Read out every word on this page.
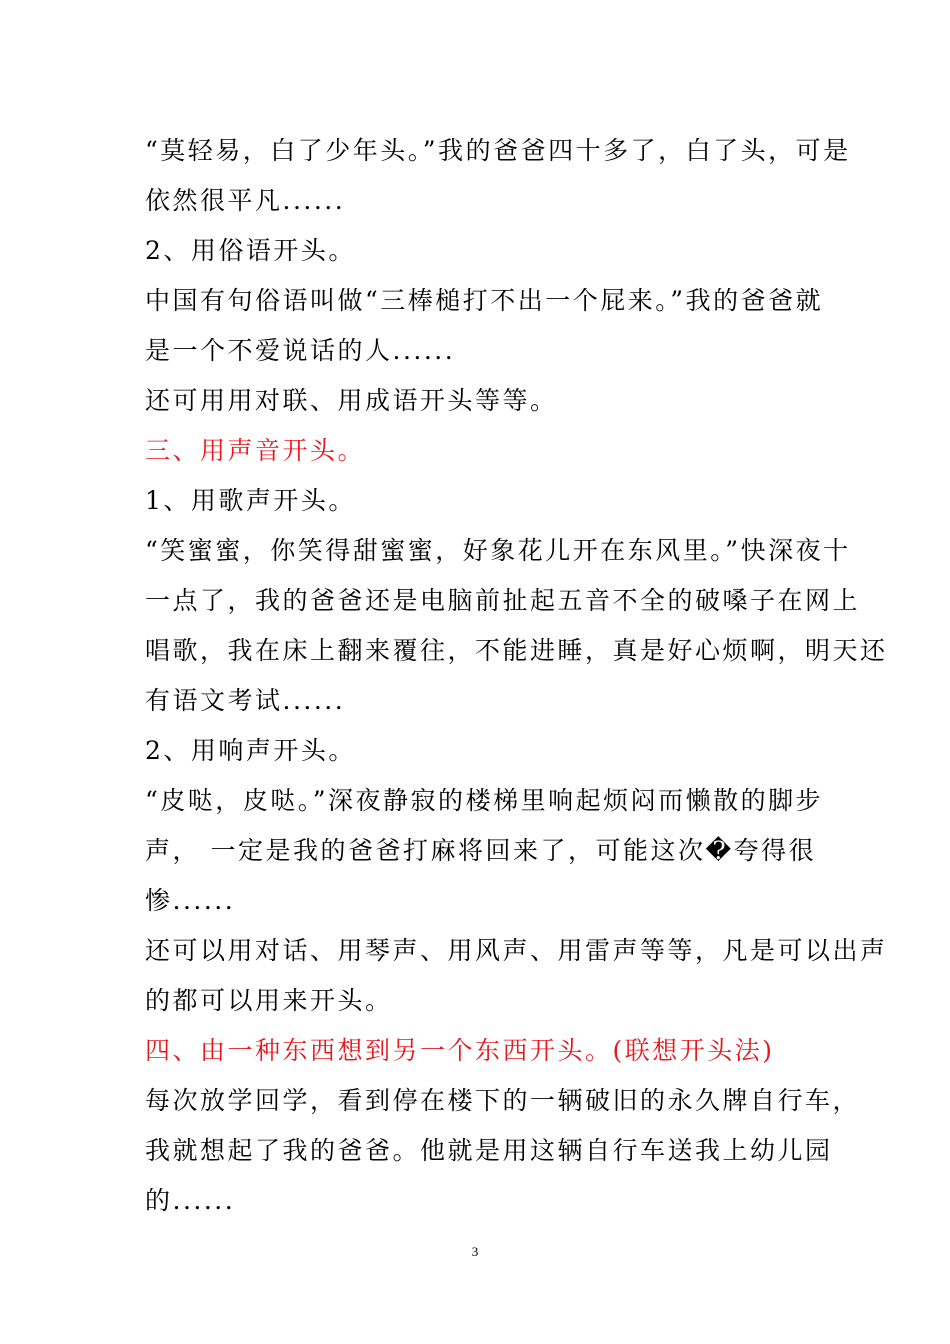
“莫轻易，白了少年头。”我的爸爸四十多了，白了头，可是

依然很平凡......

2、用俗语开头。

中国有句俗语叫做“三棒槌打不出一个屁来。”我的爸爸就

是一个不爱说话的人......

还可用用对联、用成语开头等等。

三、用声音开头。

1、用歌声开头。

“笑蜜蜜，你笑得甜蜜蜜，好象花儿开在东风里。”快深夜十

一点了，我的爸爸还是电脑前扯起五音不全的破嗓子在网上

唱歌，我在床上翻来覆往，不能进睡，真是好心烦啊，明天还

有语文考试......

2、用响声开头。

“皮哒，皮哒。”深夜静寂的楼梯里响起烦闷而懒散的脚步

声， 一定是我的爸爸打麻将回来了，可能这次�夸得很

惨......

还可以用对话、用琴声、用风声、用雷声等等，凡是可以出声

的都可以用来开头。

四、由一种东西想到另一个东西开头。(联想开头法)

每次放学回学，看到停在楼下的一辆破旧的永久牌自行车，

我就想起了我的爸爸。他就是用这辆自行车送我上幼儿园

的......

3
